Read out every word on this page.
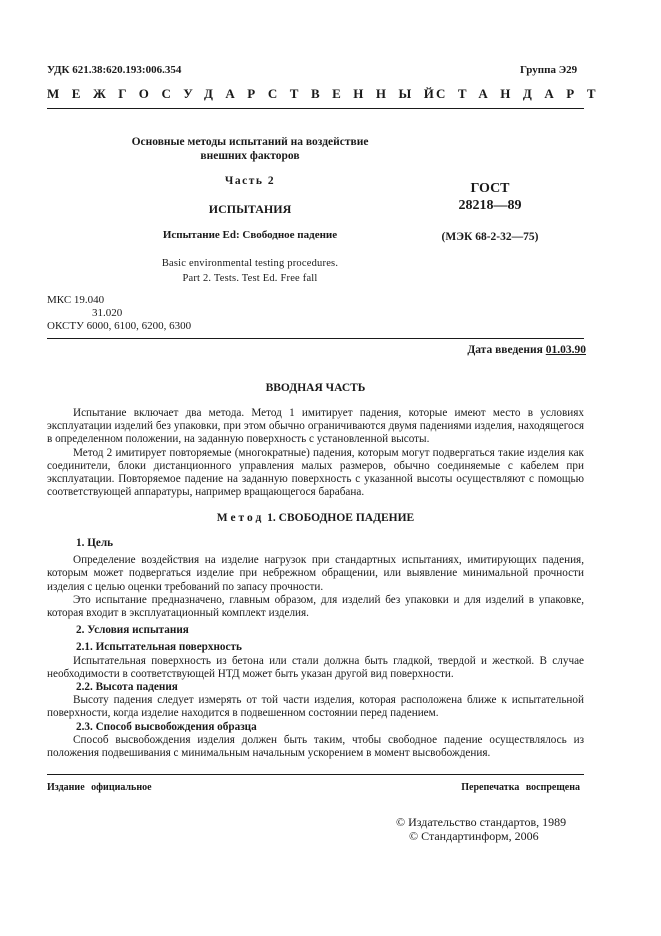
УДК 621.38:620.193:006.354	Группа Э29
МЕЖГОСУДАРСТВЕННЫЙ
СТАНДАРТ
Основные методы испытаний на воздействие
внешних факторов
Часть 2
ИСПЫТАНИЯ
Испытание Ed: Свободное падение
Basic environmental testing procedures.
Part 2. Tests. Test Ed. Free fall
ГОСТ
28218—89
(МЭК 68-2-32—75)
МКС 19.040
31.020
ОКСТУ 6000, 6100, 6200, 6300
Дата введения 01.03.90
ВВОДНАЯ ЧАСТЬ

Испытание включает два метода. Метод 1 имитирует падения, которые имеют место в условиях эксплуатации изделий без упаковки, при этом обычно ограничиваются двумя падениями изделия, находящегося в определенном положении, на заданную поверхность с установленной высоты.

Метод 2 имитирует повторяемые (многократные) падения, которым могут подвергаться такие изделия как соединители, блоки дистанционного управления малых размеров, обычно соединяемые с кабелем при эксплуатации. Повторяемое падение на заданную поверхность с указанной высоты осуществляют с помощью соответствующей аппаратуры, например вращающегося барабана.

Метод 1. СВОБОДНОЕ ПАДЕНИЕ

1. Цель

Определение воздействия на изделие нагрузок при стандартных испытаниях, имитирующих падения, которым может подвергаться изделие при небрежном обращении, или выявление минимальной прочности изделия с целью оценки требований по запасу прочности.

Это испытание предназначено, главным образом, для изделий без упаковки и для изделий в упаковке, которая входит в эксплуатационный комплект изделия.

2. Условия испытания

2.1. Испытательная поверхность

Испытательная поверхность из бетона или стали должна быть гладкой, твердой и жесткой. В случае необходимости в соответствующей НТД может быть указан другой вид поверхности.

2.2. Высота падения

Высоту падения следует измерять от той части изделия, которая расположена ближе к испытательной поверхности, когда изделие находится в подвешенном состоянии перед падением.

2.3. Способ высвобождения образца

Способ высвобождения изделия должен быть таким, чтобы свободное падение осуществлялось из положения подвешивания с минимальным начальным ускорением в момент высвобождения.

Издание официальное	Перепечатка воспрещена
© Издательство стандартов, 1989
© Стандартинформ, 2006
